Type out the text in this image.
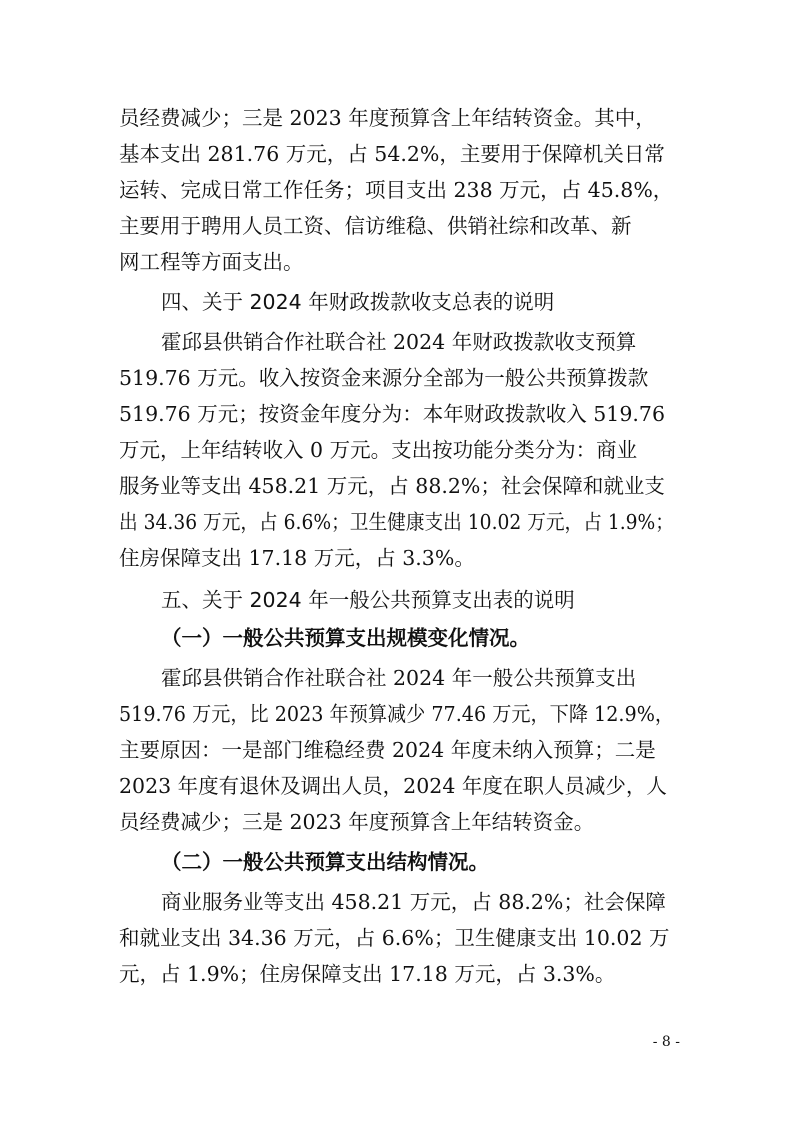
员经费减少；三是 2023 年度预算含上年结转资金。其中，
基本支出 281.76 万元，占 54.2%，主要用于保障机关日常
运转、完成日常工作任务；项目支出 238 万元，占 45.8%，
主要用于聘用人员工资、信访维稳、供销社综和改革、新
网工程等方面支出。
四、关于 2024 年财政拨款收支总表的说明
霍邱县供销合作社联合社 2024 年财政拨款收支预算
519.76 万元。收入按资金来源分全部为一般公共预算拨款
519.76 万元；按资金年度分为：本年财政拨款收入 519.76
万元，上年结转收入 0 万元。支出按功能分类分为：商业
服务业等支出 458.21 万元，占 88.2%；社会保障和就业支
出 34.36 万元，占 6.6%；卫生健康支出 10.02 万元，占 1.9%；
住房保障支出 17.18 万元，占 3.3%。
五、关于 2024 年一般公共预算支出表的说明
（一）一般公共预算支出规模变化情况。
霍邱县供销合作社联合社 2024 年一般公共预算支出
519.76 万元，比 2023 年预算减少 77.46 万元，下降 12.9%，
主要原因：一是部门维稳经费 2024 年度未纳入预算；二是
2023 年度有退休及调出人员，2024 年度在职人员减少，人
员经费减少；三是 2023 年度预算含上年结转资金。
（二）一般公共预算支出结构情况。
商业服务业等支出 458.21 万元，占 88.2%；社会保障
和就业支出 34.36 万元，占 6.6%；卫生健康支出 10.02 万
元，占 1.9%；住房保障支出 17.18 万元，占 3.3%。
- 8 -
